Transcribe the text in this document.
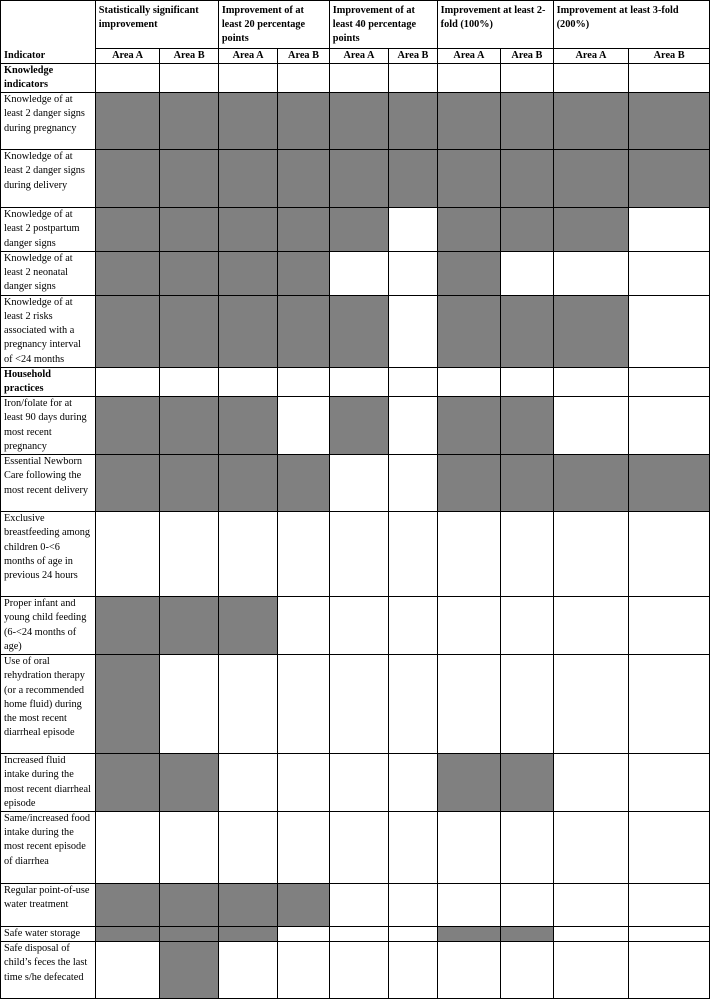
Indicator	Statistically significant improvement		Improvement of at least 20 percentage points		Improvement of at least 40 percentage points		Improvement at least 2-fold (100%)		Improvement at least 3-fold (200%)	
	Area A	Area B	Area A	Area B	Area A	Area B	Area A	Area B	Area A	Area B
Knowledge indicators										
Knowledge of at least 2 danger signs during pregnancy										
Knowledge of at least 2 danger signs during delivery										
Knowledge of at least 2 postpartum danger signs										
Knowledge of at least 2 neonatal danger signs										
Knowledge of at least 2 risks associated with a pregnancy interval of <24 months										
Household practices										
Iron/folate for at least 90 days during most recent pregnancy										
Essential Newborn Care following the most recent delivery										
Exclusive breastfeeding among children 0-<6 months of age in previous 24 hours										
Proper infant and young child feeding (6-<24 months of age)										
Use of oral rehydration therapy (or a recommended home fluid) during the most recent diarrheal episode										
Increased fluid intake during the most recent diarrheal episode										
Same/increased food intake during the most recent episode of diarrhea										
Regular point-of-use water treatment										
Safe water storage										
Safe disposal of child’s feces the last time s/he defecated										
